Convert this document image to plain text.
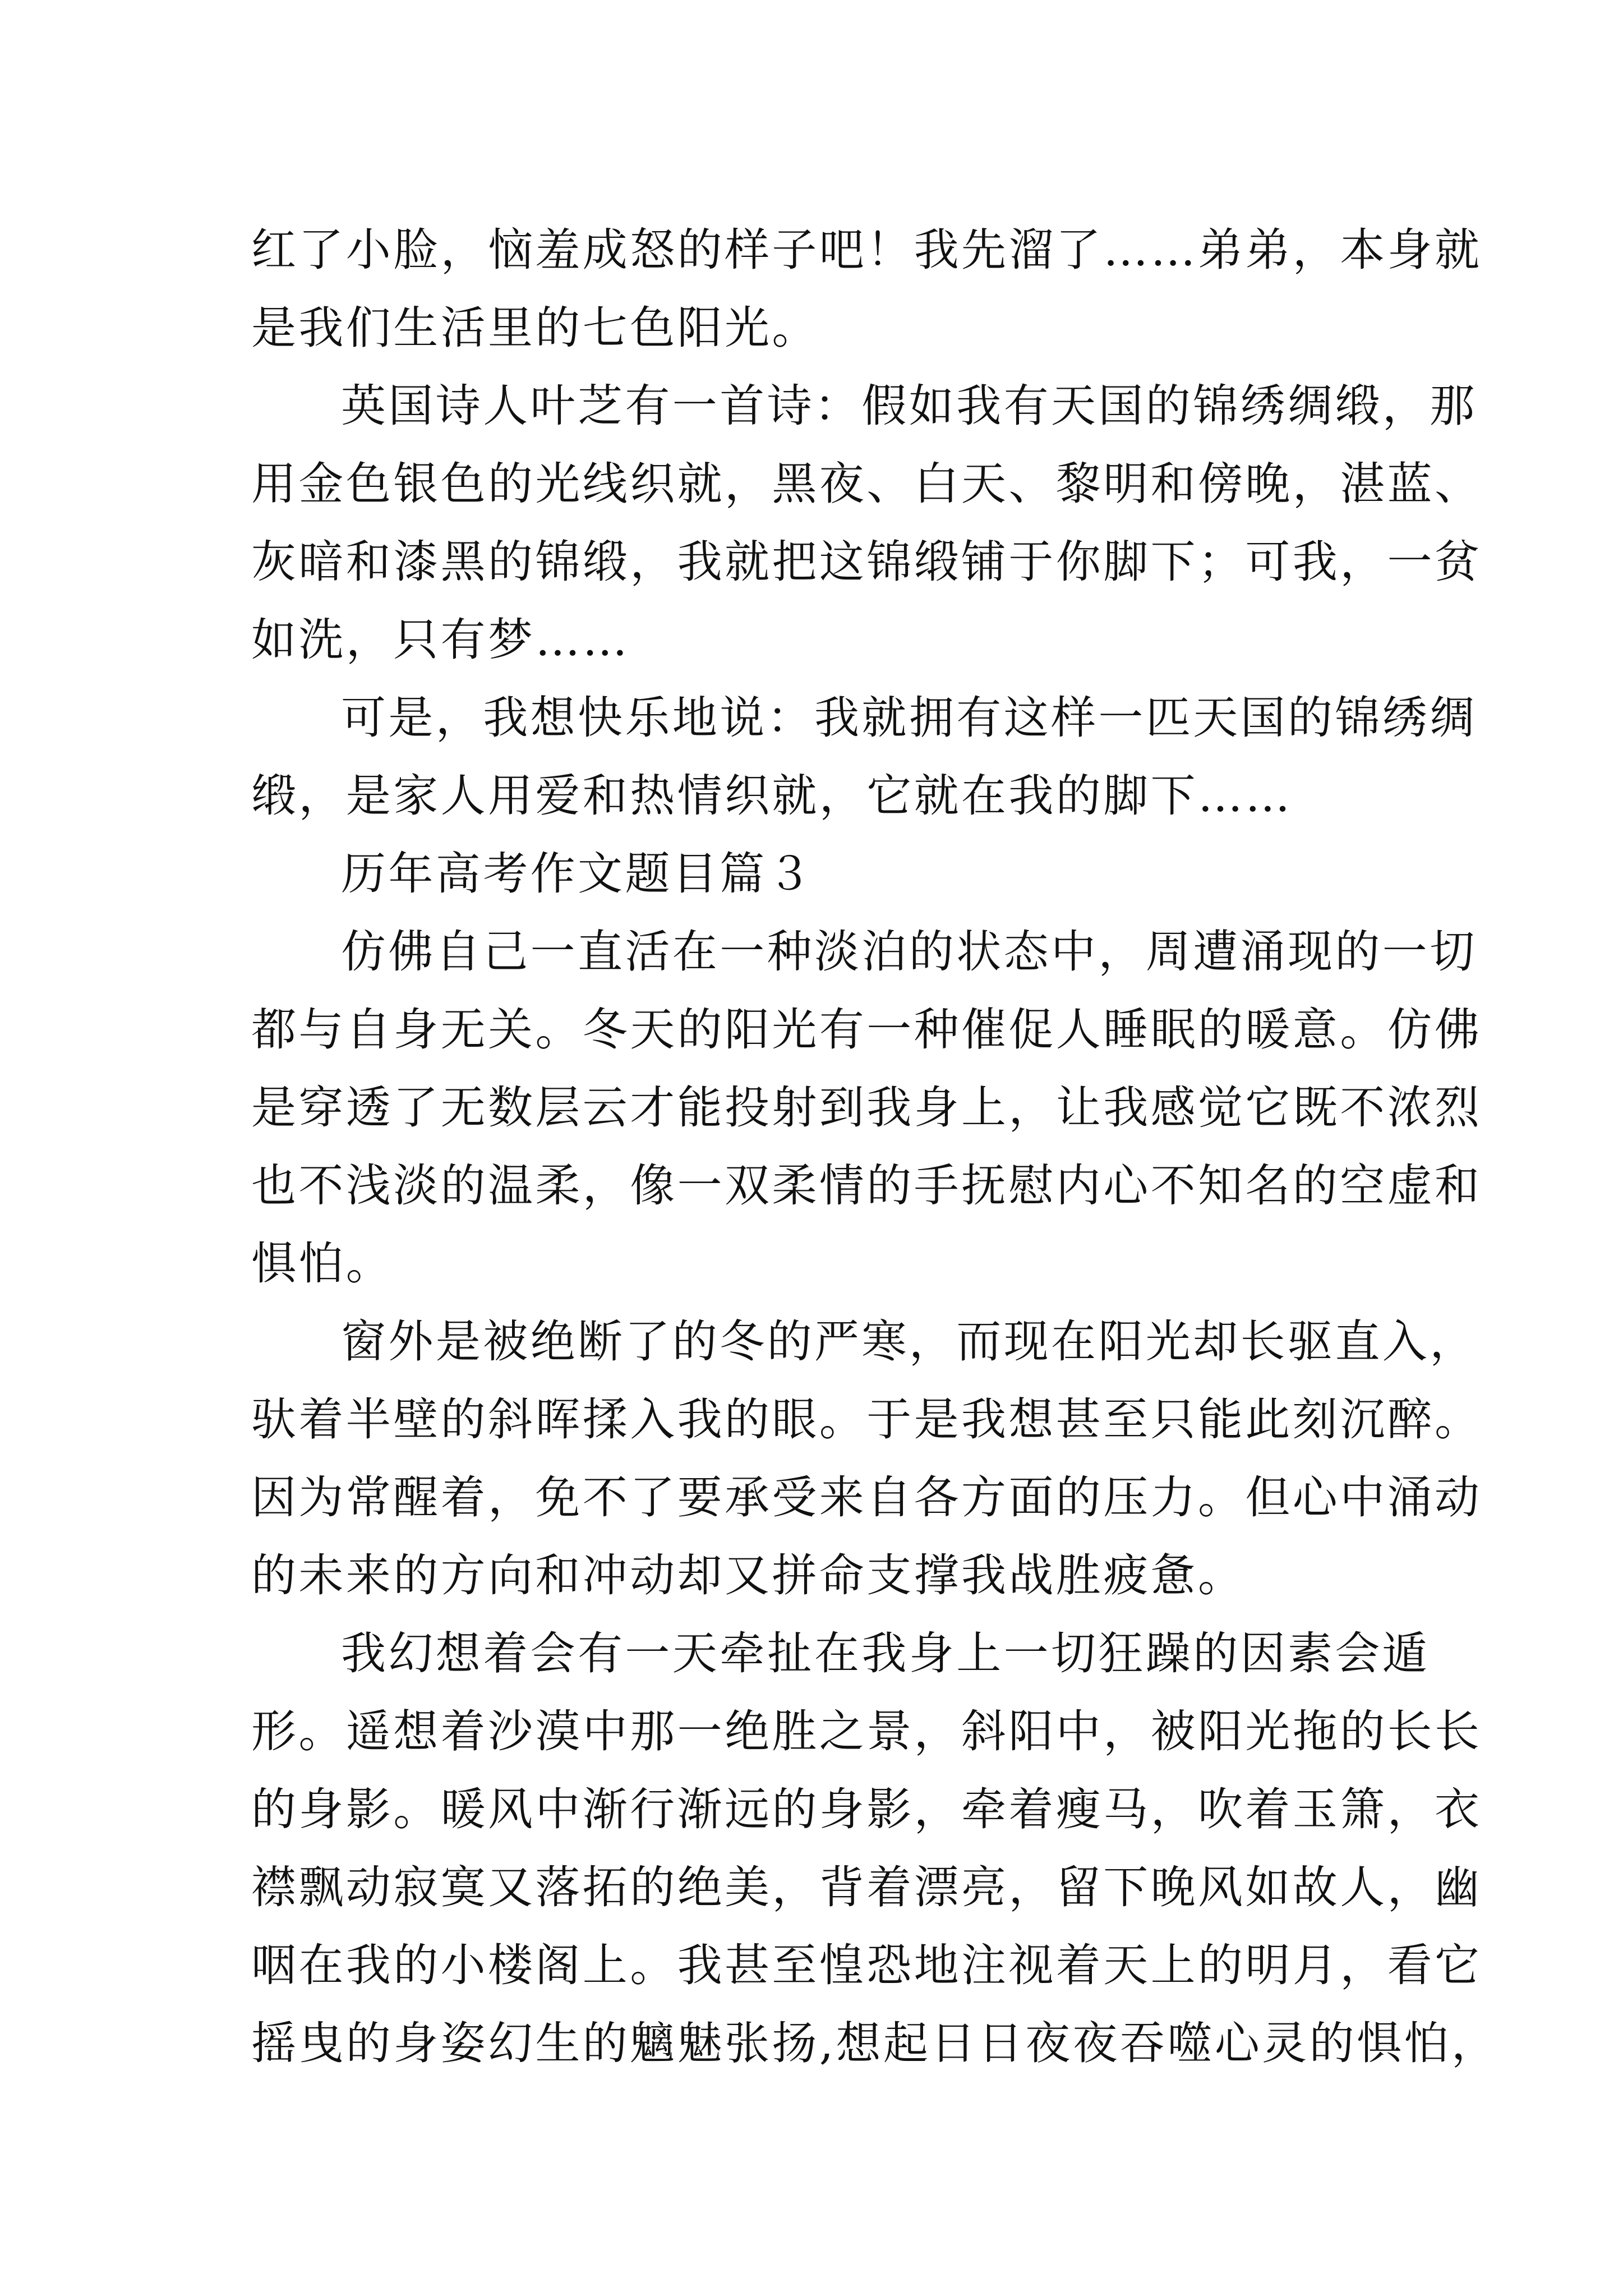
红了小脸，恼羞成怒的样子吧！我先溜了……弟弟，本身就
是我们生活里的七色阳光。
英国诗人叶芝有一首诗：假如我有天国的锦绣绸缎，那
用金色银色的光线织就，黑夜、白天、黎明和傍晚，湛蓝、
灰暗和漆黑的锦缎，我就把这锦缎铺于你脚下；可我，一贫
如洗，只有梦……
可是，我想快乐地说：我就拥有这样一匹天国的锦绣绸
缎，是家人用爱和热情织就，它就在我的脚下……
历年高考作文题目篇３
仿佛自己一直活在一种淡泊的状态中，周遭涌现的一切
都与自身无关。冬天的阳光有一种催促人睡眠的暖意。仿佛
是穿透了无数层云才能投射到我身上，让我感觉它既不浓烈
也不浅淡的温柔，像一双柔情的手抚慰内心不知名的空虚和
惧怕。
窗外是被绝断了的冬的严寒，而现在阳光却长驱直入，
驮着半壁的斜晖揉入我的眼。于是我想甚至只能此刻沉醉。
因为常醒着，免不了要承受来自各方面的压力。但心中涌动
的未来的方向和冲动却又拼命支撑我战胜疲惫。
我幻想着会有一天牵扯在我身上一切狂躁的因素会遁
形。遥想着沙漠中那一绝胜之景，斜阳中，被阳光拖的长长
的身影。暖风中渐行渐远的身影，牵着瘦马，吹着玉箫，衣
襟飘动寂寞又落拓的绝美，背着漂亮，留下晚风如故人，幽
咽在我的小楼阁上。我甚至惶恐地注视着天上的明月，看它
摇曳的身姿幻生的魑魅张扬,想起日日夜夜吞噬心灵的惧怕，
